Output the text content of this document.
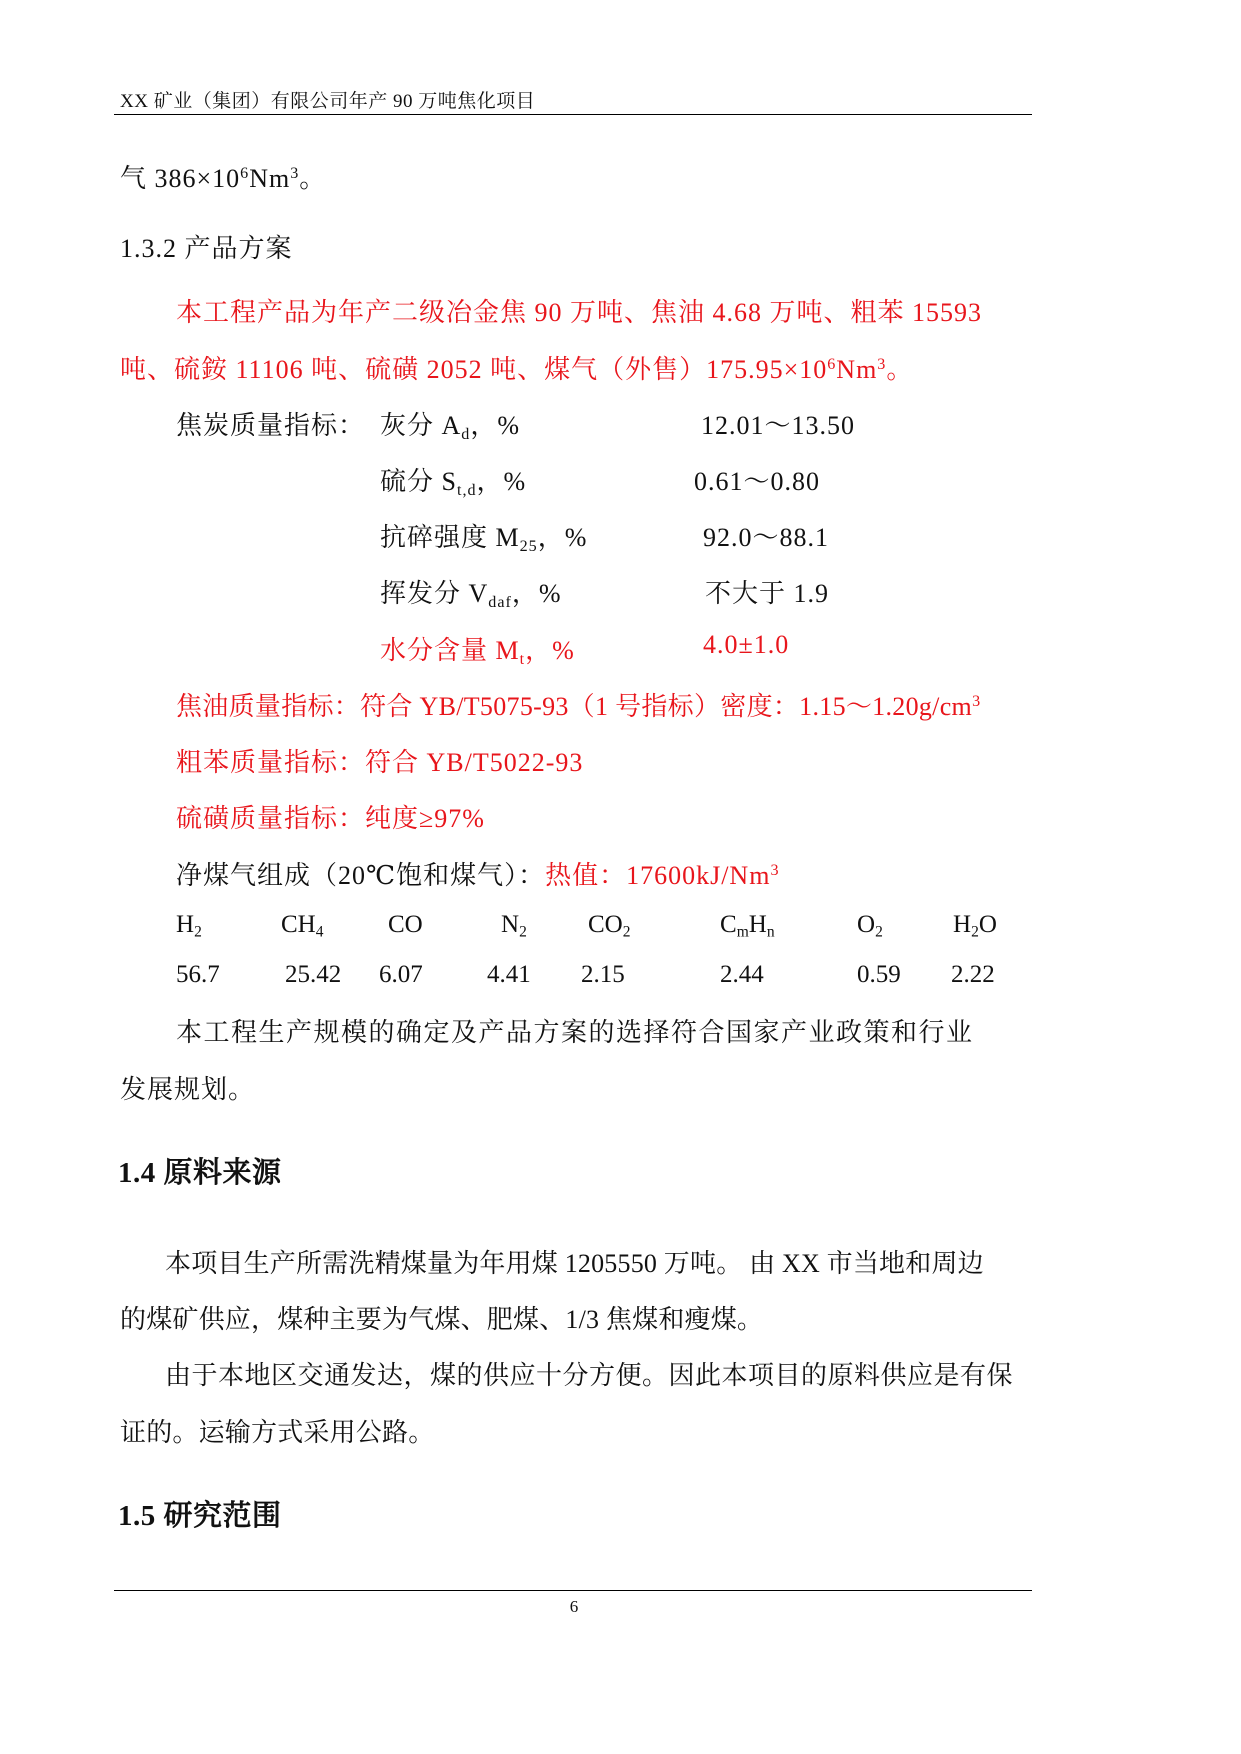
XX 矿业（集团）有限公司年产 90 万吨焦化项目
气 $386\times 10^6Nm^3$。
1.3.2 产品方案
本工程产品为年产二级冶金焦 90 万吨、焦油 4.68 万吨、粗苯 15593
吨、硫銨 11106 吨、硫磺 2052 吨、煤气（外售）$175.95\times 10^6Nm^3$。
焦炭质量指标： 灰分 $A_d$，%	12.01～13.50
硫分 $S_{t,d}$，%	0.61～0.80
抗碎强度 $M_{25}$，%	92.0～88.1
挥发分 $V_{daf}$，%	不大于 1.9
水分含量 $M_t$，%	4.0±1.0
焦油质量指标：符合 YB/T5075-93（1 号指标）密度：$1.15\sim 1.20g/cm^3$
粗苯质量指标：符合 YB/T5022-93
硫磺质量指标：纯度≥97%
净煤气组成（20℃饱和煤气）：热值：17600kJ/Nm$^3$
$H_2$	$CH_4$	CO	$N_2$ $CO_2$	$C_mH_n$	$O_2$	$H_2O$
56.7	25.42 6.07	4.41 2.15	2.44	0.59 2.22
本工程生产规模的确定及产品方案的选择符合国家产业政策和行业
发展规划。
1.4 原料来源
本项目生产所需洗精煤量为年用煤 1205550 万吨。 由 XX 市当地和周边
的煤矿供应，煤种主要为气煤、肥煤、1/3 焦煤和瘦煤。
由于本地区交通发达，煤的供应十分方便。因此本项目的原料供应是有保
证的。运输方式采用公路。
1.5 研究范围
6
